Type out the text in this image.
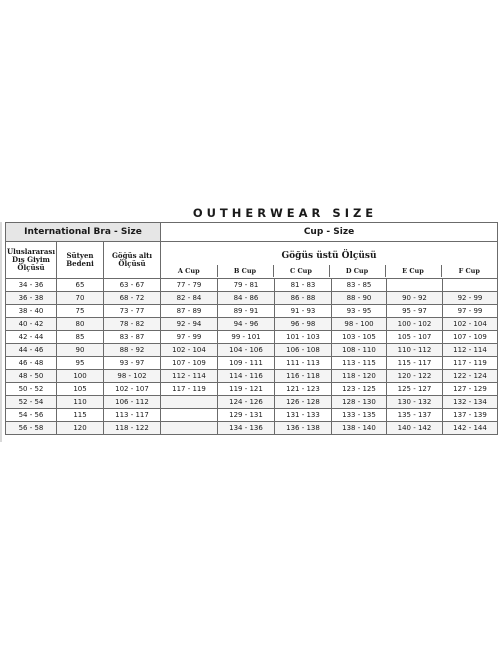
OUTHERWEAR SIZE
International Bra - Size	Cup - Size
Uluslararası Dış Giyim Ölçüsü	Sütyen Bedeni	Göğüs altı Ölçüsü	
Göğüs üstü Ölçüsü
A Cup	B Cup	C Cup	D Cup	E Cup	F Cup

34 - 36	65	63 - 67	77 - 79	79 - 81	81 - 83	83 - 85		
36 - 38	70	68 - 72	82 - 84	84 - 86	86 - 88	88 - 90	90 - 92	92 - 99
38 - 40	75	73 - 77	87 - 89	89 - 91	91 - 93	93 - 95	95 - 97	97 - 99
40 - 42	80	78 - 82	92 - 94	94 - 96	96 - 98	98 - 100	100 - 102	102 - 104
42 - 44	85	83 - 87	97 - 99	99 - 101	101 - 103	103 - 105	105 - 107	107 - 109
44 - 46	90	88 - 92	102 - 104	104 - 106	106 - 108	108 - 110	110 - 112	112 - 114
46 - 48	95	93 - 97	107 - 109	109 - 111	111 - 113	113 - 115	115 - 117	117 - 119
48 - 50	100	98 - 102	112 - 114	114 - 116	116 - 118	118 - 120	120 - 122	122 - 124
50 - 52	105	102 - 107	117 - 119	119 - 121	121 - 123	123 - 125	125 - 127	127 - 129
52 - 54	110	106 - 112		124 - 126	126 - 128	128 - 130	130 - 132	132 - 134
54 - 56	115	113 - 117		129 - 131	131 - 133	133 - 135	135 - 137	137 - 139
56 - 58	120	118 - 122		134 - 136	136 - 138	138 - 140	140 - 142	142 - 144
